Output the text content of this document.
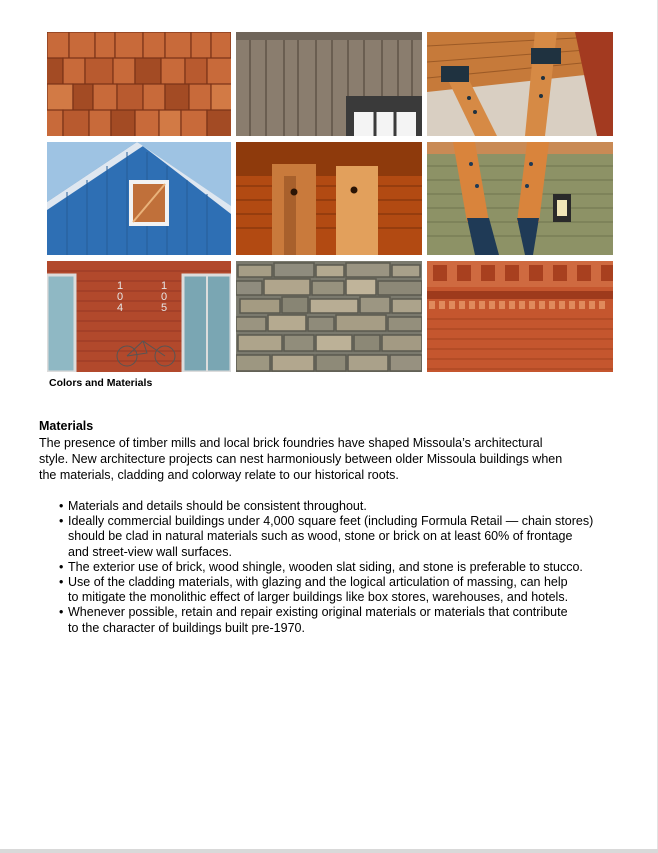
104
105
Colors and Materials
Materials

The presence of timber mills and local brick foundries have shaped Missoula’s architectural
style. New architecture projects can nest harmoniously between older Missoula buildings when
the materials, cladding and colorway relate to our historical roots.

• Materials and details should be consistent throughout.
• Ideally commercial buildings under 4,000 square feet (including Formula Retail — chain stores)
should be clad in natural materials such as wood, stone or brick on at least 60% of frontage
and street-view wall surfaces.
• The exterior use of brick, wood shingle, wooden slat siding, and stone is preferable to stucco.
• Use of the cladding materials, with glazing and the logical articulation of massing, can help
to mitigate the monolithic effect of larger buildings like box stores, warehouses, and hotels.
• Whenever possible, retain and repair existing original materials or materials that contribute
to the character of buildings built pre-1970.
